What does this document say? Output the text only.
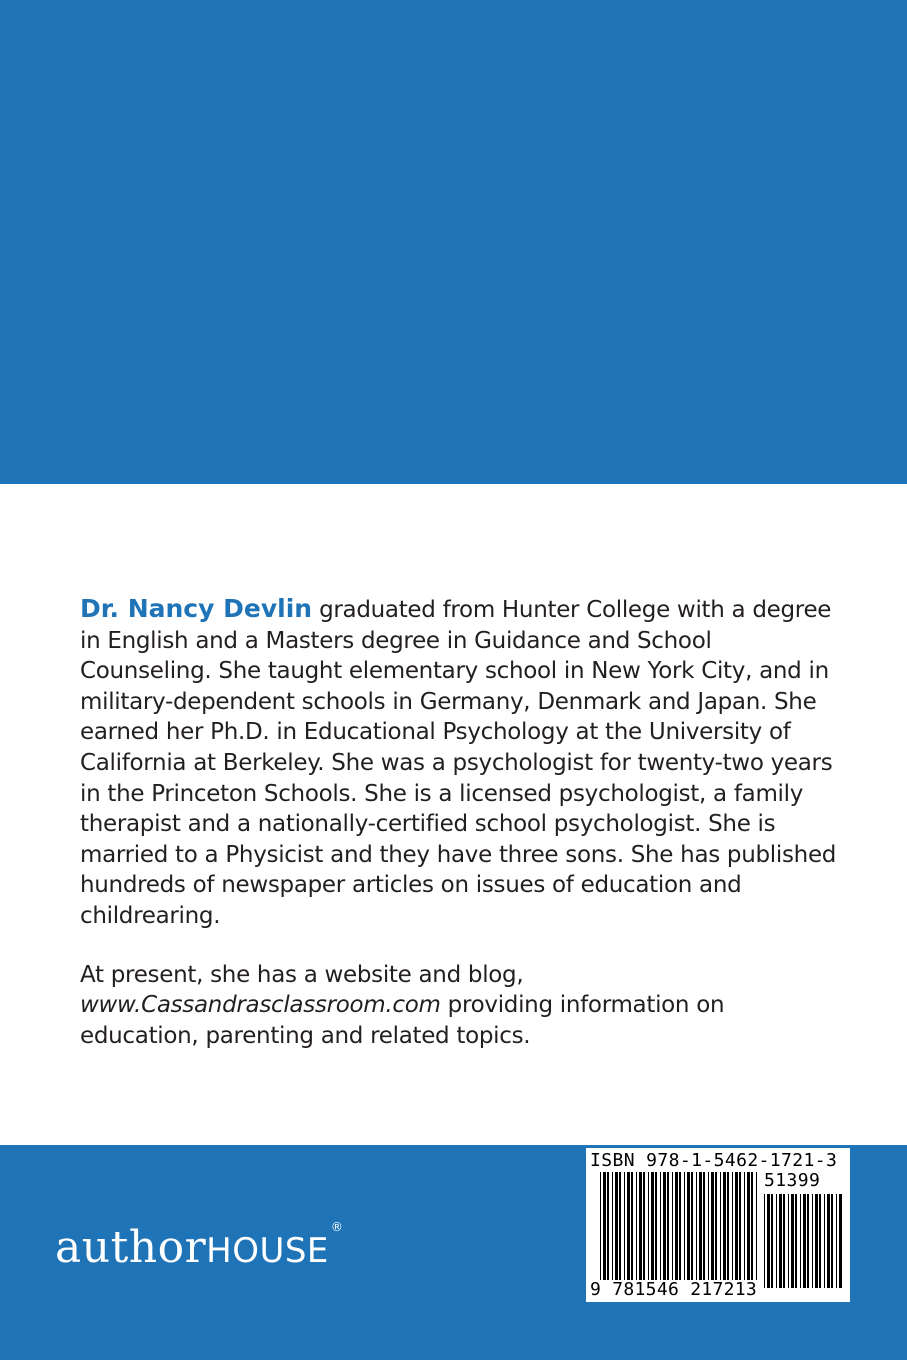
Dr. Nancy Devlin graduated from Hunter College with a degree in English and a Masters degree in Guidance and School Counseling. She taught elementary school in New York City, and in military-dependent schools in Germany, Denmark and Japan. She earned her Ph.D. in Educational Psychology at the University of California at Berkeley. She was a psychologist for twenty-two years in the Princeton Schools. She is a licensed psychologist, a family therapist and a nationally-certified school psychologist. She is married to a Physicist and they have three sons. She has published hundreds of newspaper articles on issues of education and childrearing.

At present, she has a website and blog, www.Cassandrasclassroom.com providing information on education, parenting and related topics.

authorHOUSE
®
ISBN 978-1-5462-1721-3
51399
9 781546 217213
